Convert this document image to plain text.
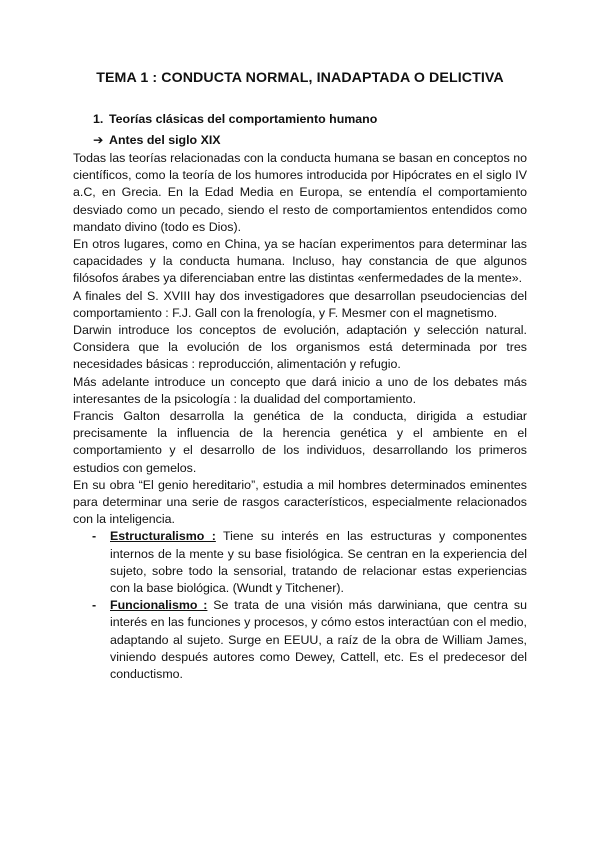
TEMA 1 : CONDUCTA NORMAL, INADAPTADA O DELICTIVA
1. Teorías clásicas del comportamiento humano
➔ Antes del siglo XIX

Todas las teorías relacionadas con la conducta humana se basan en conceptos no científicos, como la teoría de los humores introducida por Hipócrates en el siglo IV a.C, en Grecia. En la Edad Media en Europa, se entendía el comportamiento desviado como un pecado, siendo el resto de comportamientos entendidos como mandato divino (todo es Dios).

En otros lugares, como en China, ya se hacían experimentos para determinar las capacidades y la conducta humana. Incluso, hay constancia de que algunos filósofos árabes ya diferenciaban entre las distintas «enfermedades de la mente».

A finales del S. XVIII hay dos investigadores que desarrollan pseudociencias del comportamiento : F.J. Gall con la frenología, y F. Mesmer con el magnetismo.

Darwin introduce los conceptos de evolución, adaptación y selección natural. Considera que la evolución de los organismos está determinada por tres necesidades básicas : reproducción, alimentación y refugio.

Más adelante introduce un concepto que dará inicio a uno de los debates más interesantes de la psicología : la dualidad del comportamiento.

Francis Galton desarrolla la genética de la conducta, dirigida a estudiar precisamente la influencia de la herencia genética y el ambiente en el comportamiento y el desarrollo de los individuos, desarrollando los primeros estudios con gemelos.

En su obra “El genio hereditario”, estudia a mil hombres determinados eminentes para determinar una serie de rasgos característicos, especialmente relacionados con la inteligencia.

- Estructuralismo : Tiene su interés en las estructuras y componentes internos de la mente y su base fisiológica. Se centran en la experiencia del sujeto, sobre todo la sensorial, tratando de relacionar estas experiencias con la base biológica. (Wundt y Titchener).
- Funcionalismo : Se trata de una visión más darwiniana, que centra su interés en las funciones y procesos, y cómo estos interactúan con el medio, adaptando al sujeto. Surge en EEUU, a raíz de la obra de William James, viniendo después autores como Dewey, Cattell, etc. Es el predecesor del conductismo.
